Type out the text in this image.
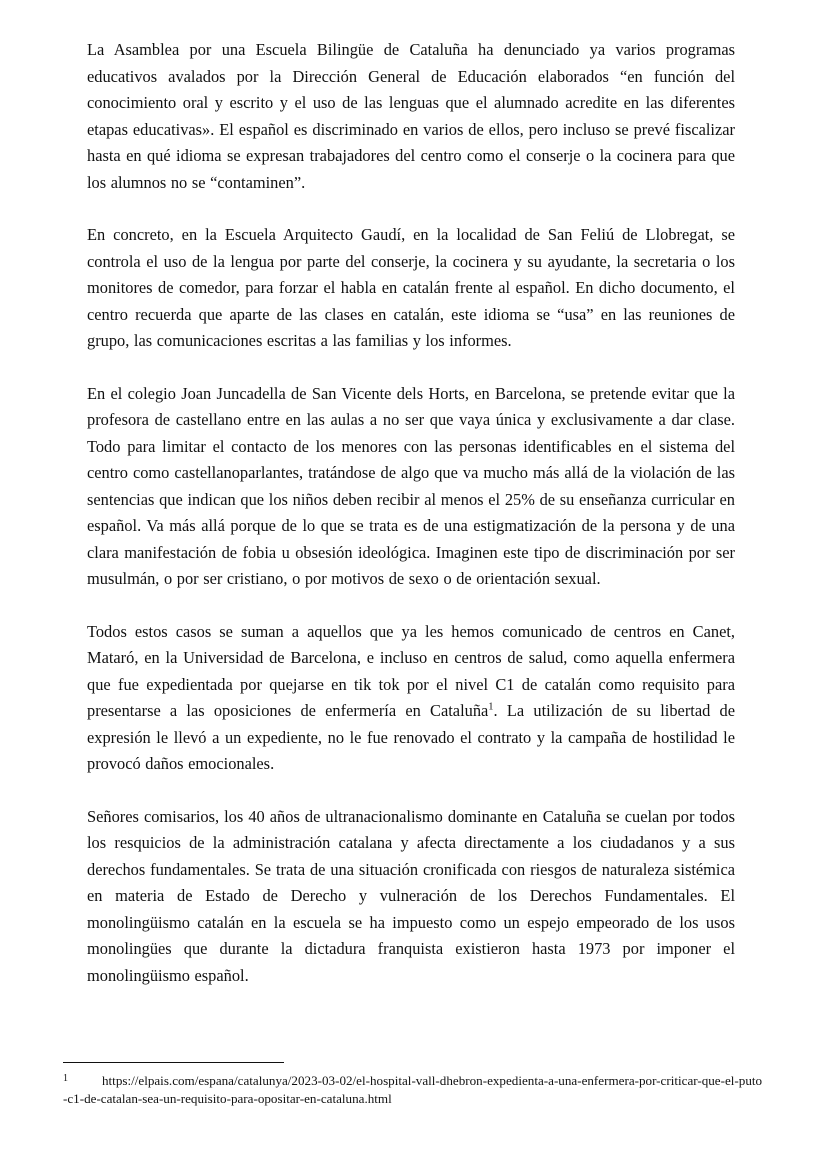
La Asamblea por una Escuela Bilingüe de Cataluña ha denunciado ya varios programas educativos avalados por la Dirección General de Educación elaborados “en función del conocimiento oral y escrito y el uso de las lenguas que el alumnado acredite en las diferentes etapas educativas». El español es discriminado en varios de ellos, pero incluso se prevé fiscalizar hasta en qué idioma se expresan trabajadores del centro como el conserje o la cocinera para que los alumnos no se “contaminen”.

En concreto, en la Escuela Arquitecto Gaudí, en la localidad de San Feliú de Llobregat, se controla el uso de la lengua por parte del conserje, la cocinera y su ayudante, la secretaria o los monitores de comedor, para forzar el habla en catalán frente al español. En dicho documento, el centro recuerda que aparte de las clases en catalán, este idioma se “usa” en las reuniones de grupo, las comunicaciones escritas a las familias y los informes.

En el colegio Joan Juncadella de San Vicente dels Horts, en Barcelona, se pretende evitar que la profesora de castellano entre en las aulas a no ser que vaya única y exclusivamente a dar clase. Todo para limitar el contacto de los menores con las personas identificables en el sistema del centro como castellanoparlantes, tratándose de algo que va mucho más allá de la violación de las sentencias que indican que los niños deben recibir al menos el 25% de su enseñanza curricular en español. Va más allá porque de lo que se trata es de una estigmatización de la persona y de una clara manifestación de fobia u obsesión ideológica. Imaginen este tipo de discriminación por ser musulmán, o por ser cristiano, o por motivos de sexo o de orientación sexual.

Todos estos casos se suman a aquellos que ya les hemos comunicado de centros en Canet, Mataró, en la Universidad de Barcelona, e incluso en centros de salud, como aquella enfermera que fue expedientada por quejarse en tik tok por el nivel C1 de catalán como requisito para presentarse a las oposiciones de enfermería en Cataluña$^1$. La utilización de su libertad de expresión le llevó a un expediente, no le fue renovado el contrato y la campaña de hostilidad le provocó daños emocionales.

Señores comisarios, los 40 años de ultranacionalismo dominante en Cataluña se cuelan por todos los resquicios de la administración catalana y afecta directamente a los ciudadanos y a sus derechos fundamentales. Se trata de una situación cronificada con riesgos de naturaleza sistémica en materia de Estado de Derecho y vulneración de los Derechos Fundamentales. El monolingüismo catalán en la escuela se ha impuesto como un espejo empeorado de los usos monolingües que durante la dictadura franquista existieron hasta 1973 por imponer el monolingüismo español.

1	https://elpais.com/espana/catalunya/2023-03-02/el-hospital-vall-dhebron-expedienta-a-una-enfermera-por-criticar-que-el-puto-c1-de-catalan-sea-un-requisito-para-opositar-en-cataluna.html
